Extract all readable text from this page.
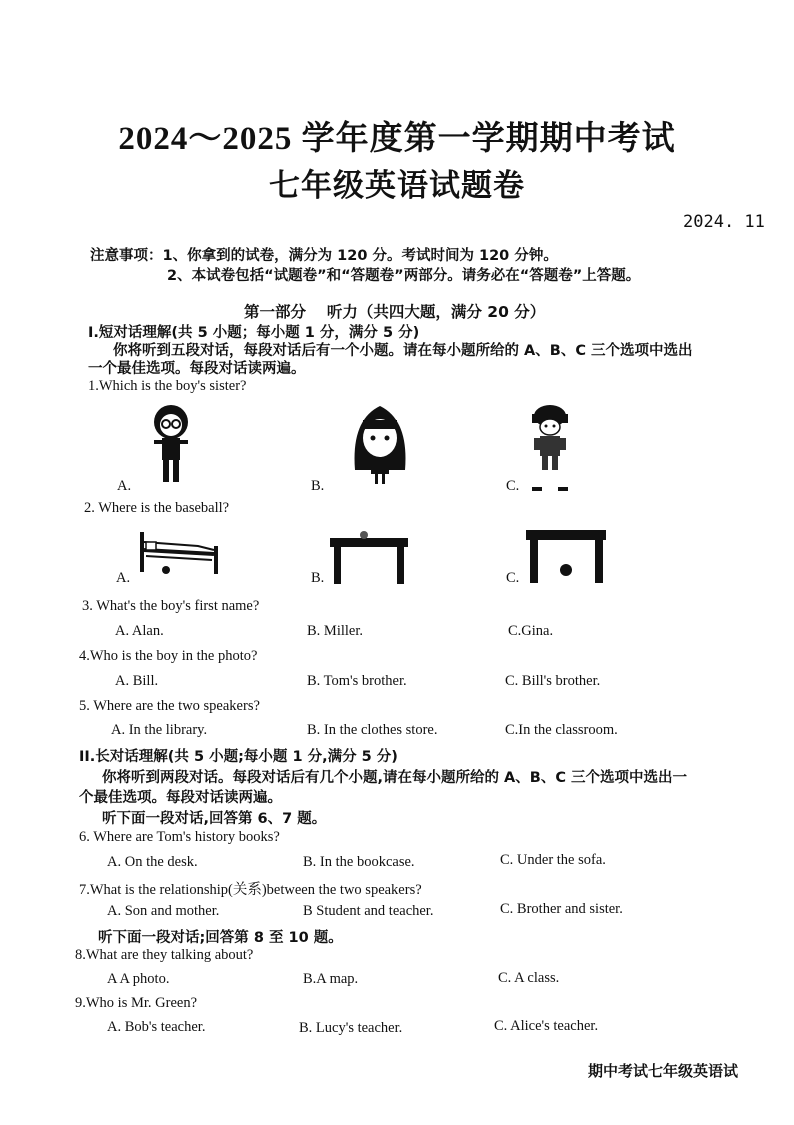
2024～2025 学年度第一学期期中考试
七年级英语试题卷
2024. 11
注意事项：1、你拿到的试卷，满分为 120 分。考试时间为 120 分钟。
2、本试卷包括“试题卷”和“答题卷”两部分。请务必在“答题卷”上答题。
第一部分　 听力（共四大题，满分 20 分）
I.短对话理解(共 5 小题；每小题 1 分，满分 5 分)
你将听到五段对话，每段对话后有一个小题。请在每小题所给的 A、B、C 三个选项中选出
一个最佳选项。每段对话读两遍。
1.Which is the boy's sister?
A.	B.	C.
2. Where is the baseball?
A.	B.	C.
3. What's the boy's first name?
A. Alan.	B. Miller.	C.Gina.
4.Who is the boy in the photo?
A. Bill.	B. Tom's brother.	C. Bill's brother.
5. Where are the two speakers?
A. In the library.	B. In the clothes store.	C.In the classroom.
II.长对话理解(共 5 小题;每小题 1 分,满分 5 分)
你将听到两段对话。每段对话后有几个小题,请在每小题所给的 A、B、C 三个选项中选出一
个最佳选项。每段对话读两遍。
听下面一段对话,回答第 6、7 题。
6. Where are Tom's history books?
A. On the desk.	B. In the bookcase.	C. Under the sofa.
7.What is the relationship(关系)between the two speakers?
A. Son and mother.	B Student and teacher.	C. Brother and sister.
听下面一段对话;回答第 8 至 10 题。
8.What are they talking about?
A A photo.	B.A map.	C. A class.
9.Who is Mr. Green?
A. Bob's teacher.	B. Lucy's teacher.	C. Alice's teacher.
期中考试七年级英语试
